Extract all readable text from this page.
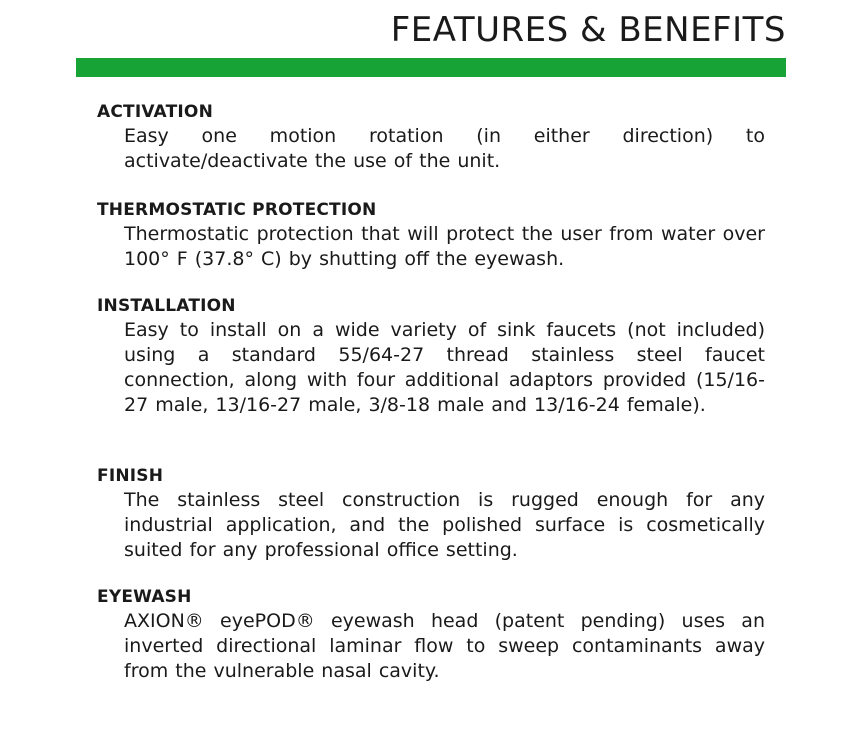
FEATURES & BENEFITS
ACTIVATION

Easy one motion rotation (in either direction) to activate/deactivate the use of the unit.

THERMOSTATIC PROTECTION

Thermostatic protection that will protect the user from water over 100° F (37.8° C) by shutting off the eyewash.

INSTALLATION

Easy to install on a wide variety of sink faucets (not included) using a standard 55/64-27 thread stainless steel faucet connection, along with four additional adaptors provided (15/16-27 male, 13/16-27 male, 3/8-18 male and 13/16-24 female).

FINISH

The stainless steel construction is rugged enough for any industrial application, and the polished surface is cosmetically suited for any professional office setting.

EYEWASH

AXION® eyePOD® eyewash head (patent pending) uses an inverted directional laminar flow to sweep contaminants away from the vulnerable nasal cavity.
